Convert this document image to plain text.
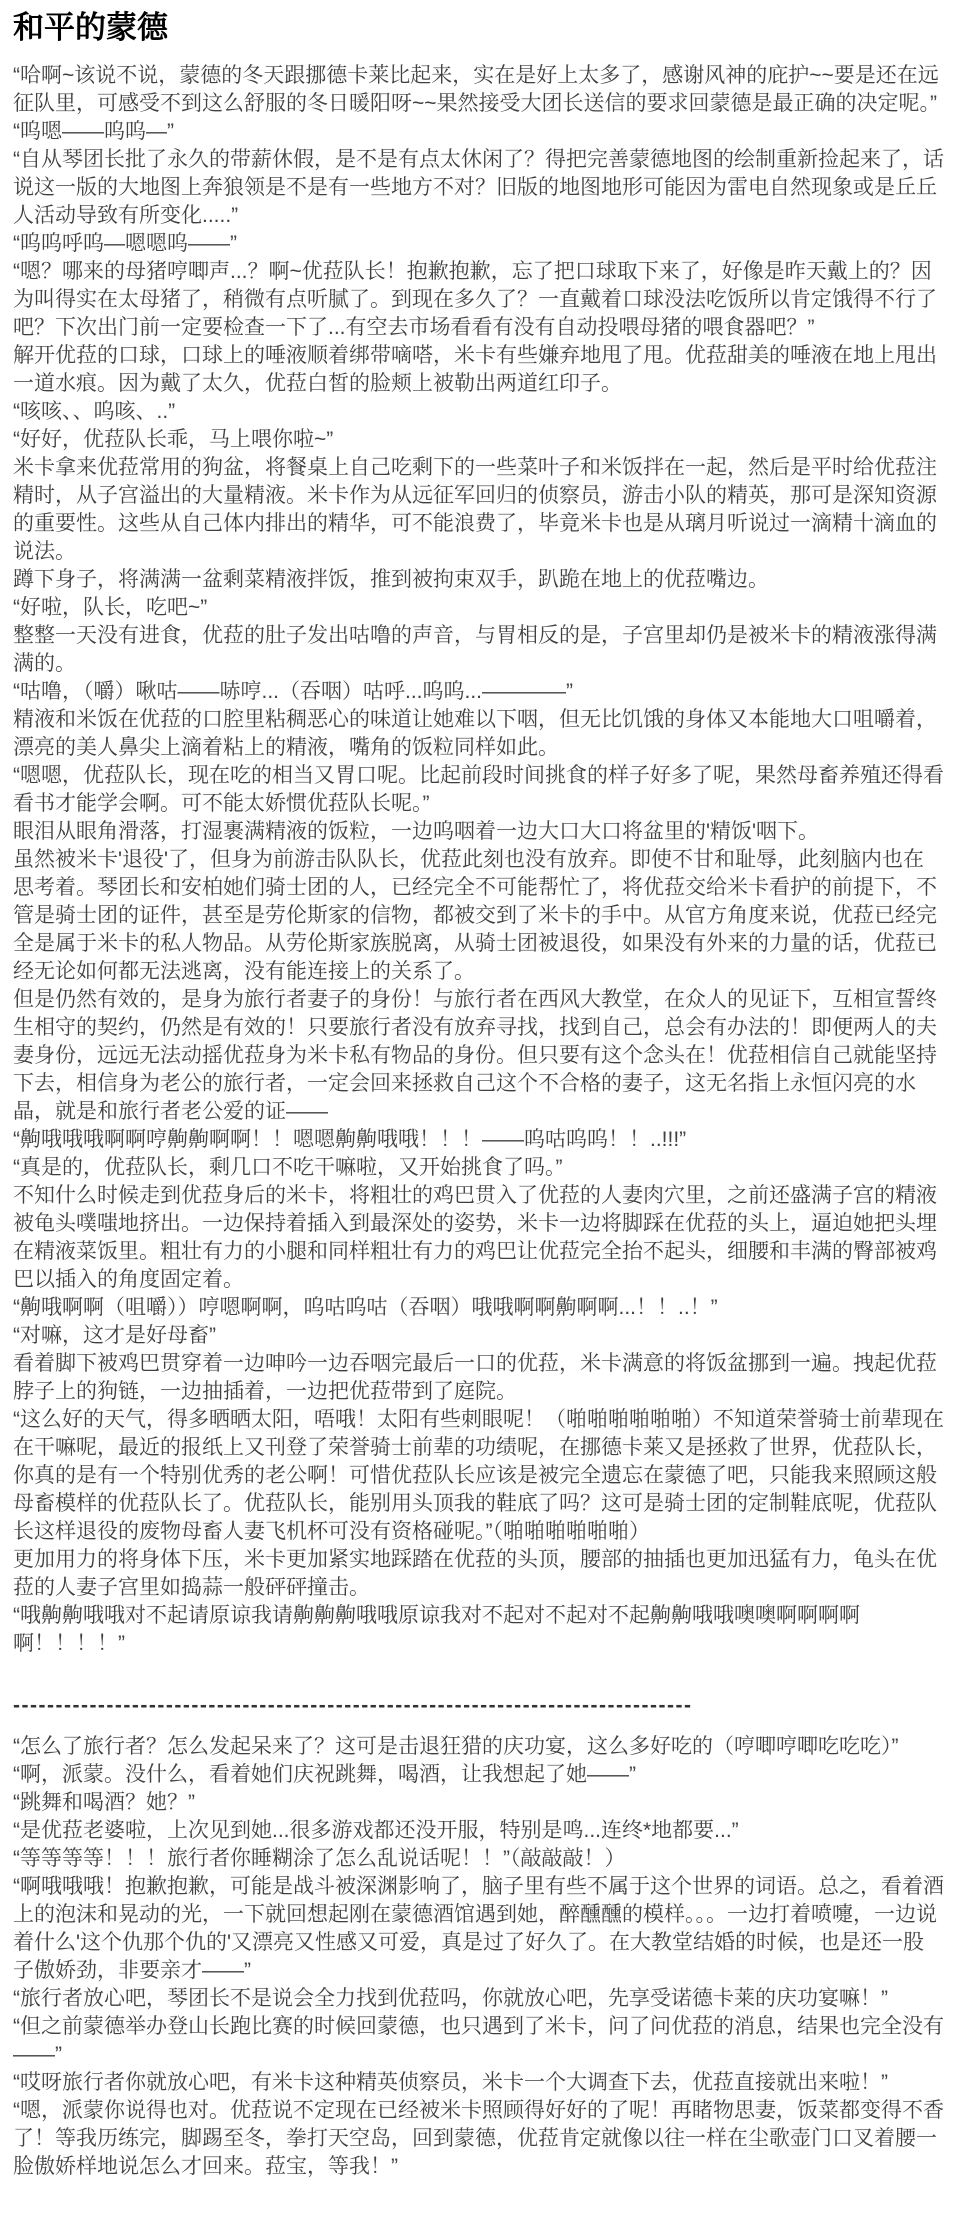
和平的蒙德

“哈啊~该说不说，蒙德的冬天跟挪德卡莱比起来，实在是好上太多了，感谢风神的庇护~~要是还在远征队里，可感受不到这么舒服的冬日暖阳呀~~果然接受大团长送信的要求回蒙德是最正确的决定呢。”

“呜嗯——呜呜—”

“自从琴团长批了永久的带薪休假，是不是有点太休闲了？得把完善蒙德地图的绘制重新捡起来了，话说这一版的大地图上奔狼领是不是有一些地方不对？旧版的地图地形可能因为雷电自然现象或是丘丘人活动导致有所变化.....”

“呜呜呼呜—嗯嗯呜——”

“嗯？哪来的母猪哼唧声...？啊~优菈队长！抱歉抱歉，忘了把口球取下来了，好像是昨天戴上的？因为叫得实在太母猪了，稍微有点听腻了。到现在多久了？一直戴着口球没法吃饭所以肯定饿得不行了吧？下次出门前一定要检查一下了...有空去市场看看有没有自动投喂母猪的喂食器吧？”

解开优菈的口球，口球上的唾液顺着绑带嘀嗒，米卡有些嫌弃地甩了甩。优菈甜美的唾液在地上甩出一道水痕。因为戴了太久，优菈白皙的脸颊上被勒出两道红印子。

“咳咳、、呜咳、..”

“好好，优菈队长乖，马上喂你啦~”

米卡拿来优菈常用的狗盆，将餐桌上自己吃剩下的一些菜叶子和米饭拌在一起，然后是平时给优菈注精时，从子宫溢出的大量精液。米卡作为从远征军回归的侦察员，游击小队的精英，那可是深知资源的重要性。这些从自己体内排出的精华，可不能浪费了，毕竟米卡也是从璃月听说过一滴精十滴血的说法。

蹲下身子，将满满一盆剩菜精液拌饭，推到被拘束双手，趴跪在地上的优菈嘴边。

“好啦，队长，吃吧~”

整整一天没有进食，优菈的肚子发出咕噜的声音，与胃相反的是，子宫里却仍是被米卡的精液涨得满满的。

“咕噜，（嚼）啾咕——哧哼...（吞咽）咕呼...呜呜...————”

精液和米饭在优菈的口腔里粘稠恶心的味道让她难以下咽，但无比饥饿的身体又本能地大口咀嚼着，漂亮的美人鼻尖上滴着粘上的精液，嘴角的饭粒同样如此。

“嗯嗯，优菈队长，现在吃的相当又胃口呢。比起前段时间挑食的样子好多了呢，果然母畜养殖还得看看书才能学会啊。可不能太娇惯优菈队长呢。”

眼泪从眼角滑落，打湿裹满精液的饭粒，一边呜咽着一边大口大口将盆里的'精饭'咽下。

虽然被米卡'退役'了，但身为前游击队队长，优菈此刻也没有放弃。即使不甘和耻辱，此刻脑内也在思考着。琴团长和安柏她们骑士团的人，已经完全不可能帮忙了，将优菈交给米卡看护的前提下，不管是骑士团的证件，甚至是劳伦斯家的信物，都被交到了米卡的手中。从官方角度来说，优菈已经完全是属于米卡的私人物品。从劳伦斯家族脱离，从骑士团被退役，如果没有外来的力量的话，优菈已经无论如何都无法逃离，没有能连接上的关系了。

但是仍然有效的，是身为旅行者妻子的身份！与旅行者在西风大教堂，在众人的见证下，互相宣誓终生相守的契约，仍然是有效的！只要旅行者没有放弃寻找，找到自己，总会有办法的！即便两人的夫妻身份，远远无法动摇优菈身为米卡私有物品的身份。但只要有这个念头在！优菈相信自己就能坚持下去，相信身为老公的旅行者，一定会回来拯救自己这个不合格的妻子，这无名指上永恒闪亮的水晶，就是和旅行者老公爱的证——

“齁哦哦哦啊啊哼齁齁啊啊！！嗯嗯齁齁哦哦！！！——呜咕呜呜！！..!!!”

“真是的，优菈队长，剩几口不吃干嘛啦，又开始挑食了吗。”

不知什么时候走到优菈身后的米卡，将粗壮的鸡巴贯入了优菈的人妻肉穴里，之前还盛满子宫的精液被龟头噗嗤地挤出。一边保持着插入到最深处的姿势，米卡一边将脚踩在优菈的头上，逼迫她把头埋在精液菜饭里。粗壮有力的小腿和同样粗壮有力的鸡巴让优菈完全抬不起头，细腰和丰满的臀部被鸡巴以插入的角度固定着。

“齁哦啊啊（咀嚼））哼嗯啊啊，呜咕呜咕（吞咽）哦哦啊啊齁啊啊...！！..！”

“对嘛，这才是好母畜”

看着脚下被鸡巴贯穿着一边呻吟一边吞咽完最后一口的优菈，米卡满意的将饭盆挪到一遍。拽起优菈脖子上的狗链，一边抽插着，一边把优菈带到了庭院。

“这么好的天气，得多晒晒太阳，唔哦！太阳有些刺眼呢！（啪啪啪啪啪啪）不知道荣誉骑士前辈现在在干嘛呢，最近的报纸上又刊登了荣誉骑士前辈的功绩呢，在挪德卡莱又是拯救了世界，优菈队长，你真的是有一个特别优秀的老公啊！可惜优菈队长应该是被完全遗忘在蒙德了吧，只能我来照顾这般母畜模样的优菈队长了。优菈队长，能别用头顶我的鞋底了吗？这可是骑士团的定制鞋底呢，优菈队长这样退役的废物母畜人妻飞机杯可没有资格碰呢。”（啪啪啪啪啪啪）

更加用力的将身体下压，米卡更加紧实地踩踏在优菈的头顶，腰部的抽插也更加迅猛有力，龟头在优菈的人妻子宫里如捣蒜一般砰砰撞击。

“哦齁齁哦哦对不起请原谅我请齁齁齁哦哦原谅我对不起对不起对不起齁齁哦哦噢噢啊啊啊啊啊！！！！”

--------------------------------------------------------------------------------

“怎么了旅行者？怎么发起呆来了？这可是击退狂猎的庆功宴，这么多好吃的（哼唧哼唧吃吃吃）”

“啊，派蒙。没什么，看着她们庆祝跳舞，喝酒，让我想起了她——”

“跳舞和喝酒？她？”

“是优菈老婆啦，上次见到她...很多游戏都还没开服，特别是鸣...连终*地都要...”

“等等等等！！！旅行者你睡糊涂了怎么乱说话呢！！”（敲敲敲！）

“啊哦哦哦！抱歉抱歉，可能是战斗被深渊影响了，脑子里有些不属于这个世界的词语。总之，看着酒上的泡沫和晃动的光，一下就回想起刚在蒙德酒馆遇到她，醉醺醺的模样。。。一边打着喷嚏，一边说着什么'这个仇那个仇的'又漂亮又性感又可爱，真是过了好久了。在大教堂结婚的时候，也是还一股子傲娇劲，非要亲才——”

“旅行者放心吧，琴团长不是说会全力找到优菈吗，你就放心吧，先享受诺德卡莱的庆功宴嘛！”

“但之前蒙德举办登山长跑比赛的时候回蒙德，也只遇到了米卡，问了问优菈的消息，结果也完全没有——”

“哎呀旅行者你就放心吧，有米卡这种精英侦察员，米卡一个大调查下去，优菈直接就出来啦！”

“嗯，派蒙你说得也对。优菈说不定现在已经被米卡照顾得好好的了呢！再睹物思妻，饭菜都变得不香了！等我历练完，脚踢至冬，拳打天空岛，回到蒙德，优菈肯定就像以往一样在尘歌壶门口叉着腰一脸傲娇样地说怎么才回来。菈宝，等我！”
